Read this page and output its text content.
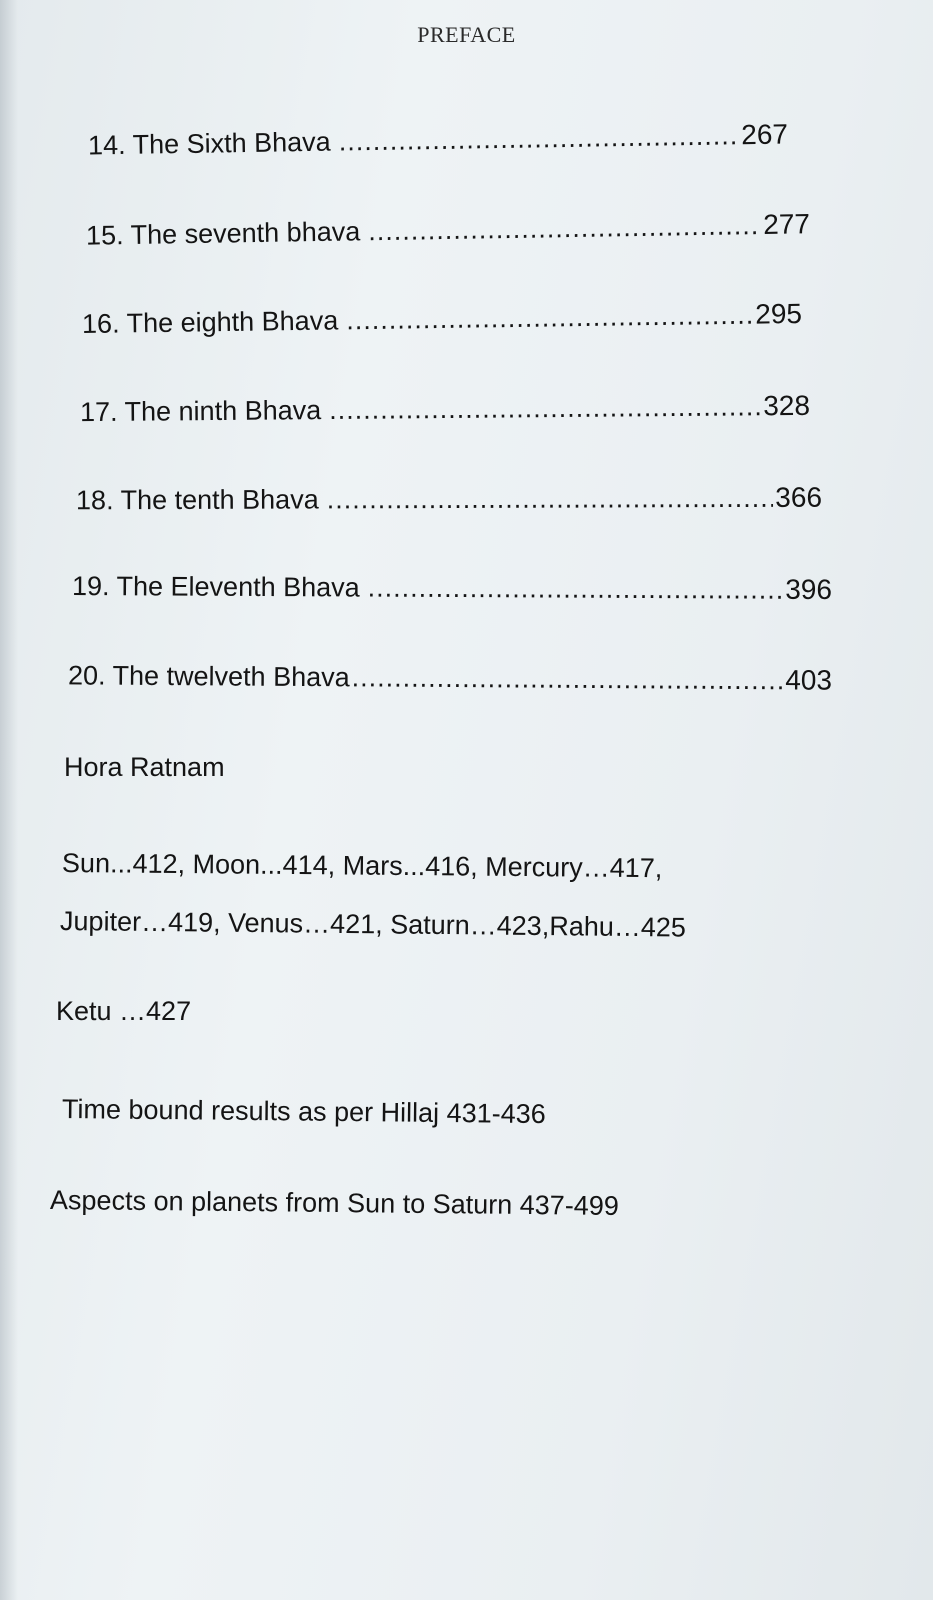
PREFACE
14. The Sixth Bhava .....	267
15. The seventh bhava .....	277
16. The eighth Bhava .....	295
17. The ninth Bhava .....	328
18. The tenth Bhava .....	366
19. The Eleventh Bhava .....	396
20. The twelveth Bhava .....	403
Hora Ratnam
Sun...412, Moon...414, Mars...416, Mercury…417,
Jupiter…419, Venus…421, Saturn…423,Rahu…425
Ketu …427
Time bound results as per Hillaj 431-436
Aspects on planets from Sun to Saturn 437-499
